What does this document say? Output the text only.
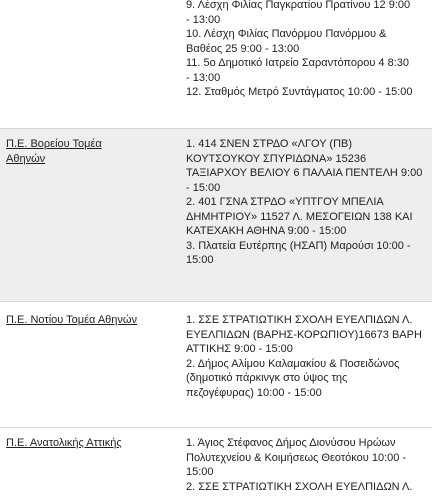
9. Λέσχη Φιλίας Παγκρατίου Πρατίνου 12 9:00 - 13:00
10. Λέσχη Φιλίας Πανόρμου Πανόρμου & Βαθέος 25 9:00 - 13:00
11. 5ο Δημοτικό Ιατρείο Σαραντόπορου 4 8:30 - 13:00
12. Σταθμός Μετρό Συντάγματος 10:00 - 15:00
Π.Ε. Βορείου Τομέα Αθηνών
1. 414 ΣΝΕΝ ΣΤΡΔΟ «ΛΓΟΥ (ΠΒ) ΚΟΥΤΣΟΥΚΟΥ ΣΠΥΡΙΔΩΝΑ» 15236 ΤΑΞΙΑΡΧΟΥ ΒΕΛΙΟΥ 6 ΠΑΛΑΙΑ ΠΕΝΤΕΛΗ 9:00 - 15:00
2. 401 ΓΣΝΑ ΣΤΡΔΟ «ΥΠΤΓΟΥ ΜΠΕΛΙΑ ΔΗΜΗΤΡΙΟΥ» 11527 Λ. ΜΕΣΟΓΕΙΩΝ 138 ΚΑΙ ΚΑΤΕΧΑΚΗ ΑΘΗΝΑ 9:00 - 15:00
3. Πλατεία Ευτέρπης (ΗΣΑΠ) Μαρούσι 10:00 - 15:00
Π.Ε. Νοτίου Τομέα Αθηνών	1. ΣΣΕ ΣΤΡΑΤΙΩΤΙΚΗ ΣΧΟΛΗ ΕΥΕΛΠΙΔΩΝ Λ. ΕΥΕΛΠΙΔΩΝ (ΒΑΡΗΣ-ΚΟΡΩΠΙΟΥ)16673 ΒΑΡΗ ΑΤΤΙΚΗΣ 9:00 - 15:00
2. Δήμος Αλίμου Καλαμακίου & Ποσειδώνος (δημοτικό πάρκινγκ στο ύψος της πεζογέφυρας) 10:00 - 15:00
Π.Ε. Ανατολικής Αττικής	1. Άγιος Στέφανος Δήμος Διονύσου Ηρώων Πολυτεχνείου & Κοιμήσεως Θεοτόκου 10:00 - 15:00
2. ΣΣΕ ΣΤΡΑΤΙΩΤΙΚΗ ΣΧΟΛΗ ΕΥΕΛΠΙΔΩΝ Λ.
